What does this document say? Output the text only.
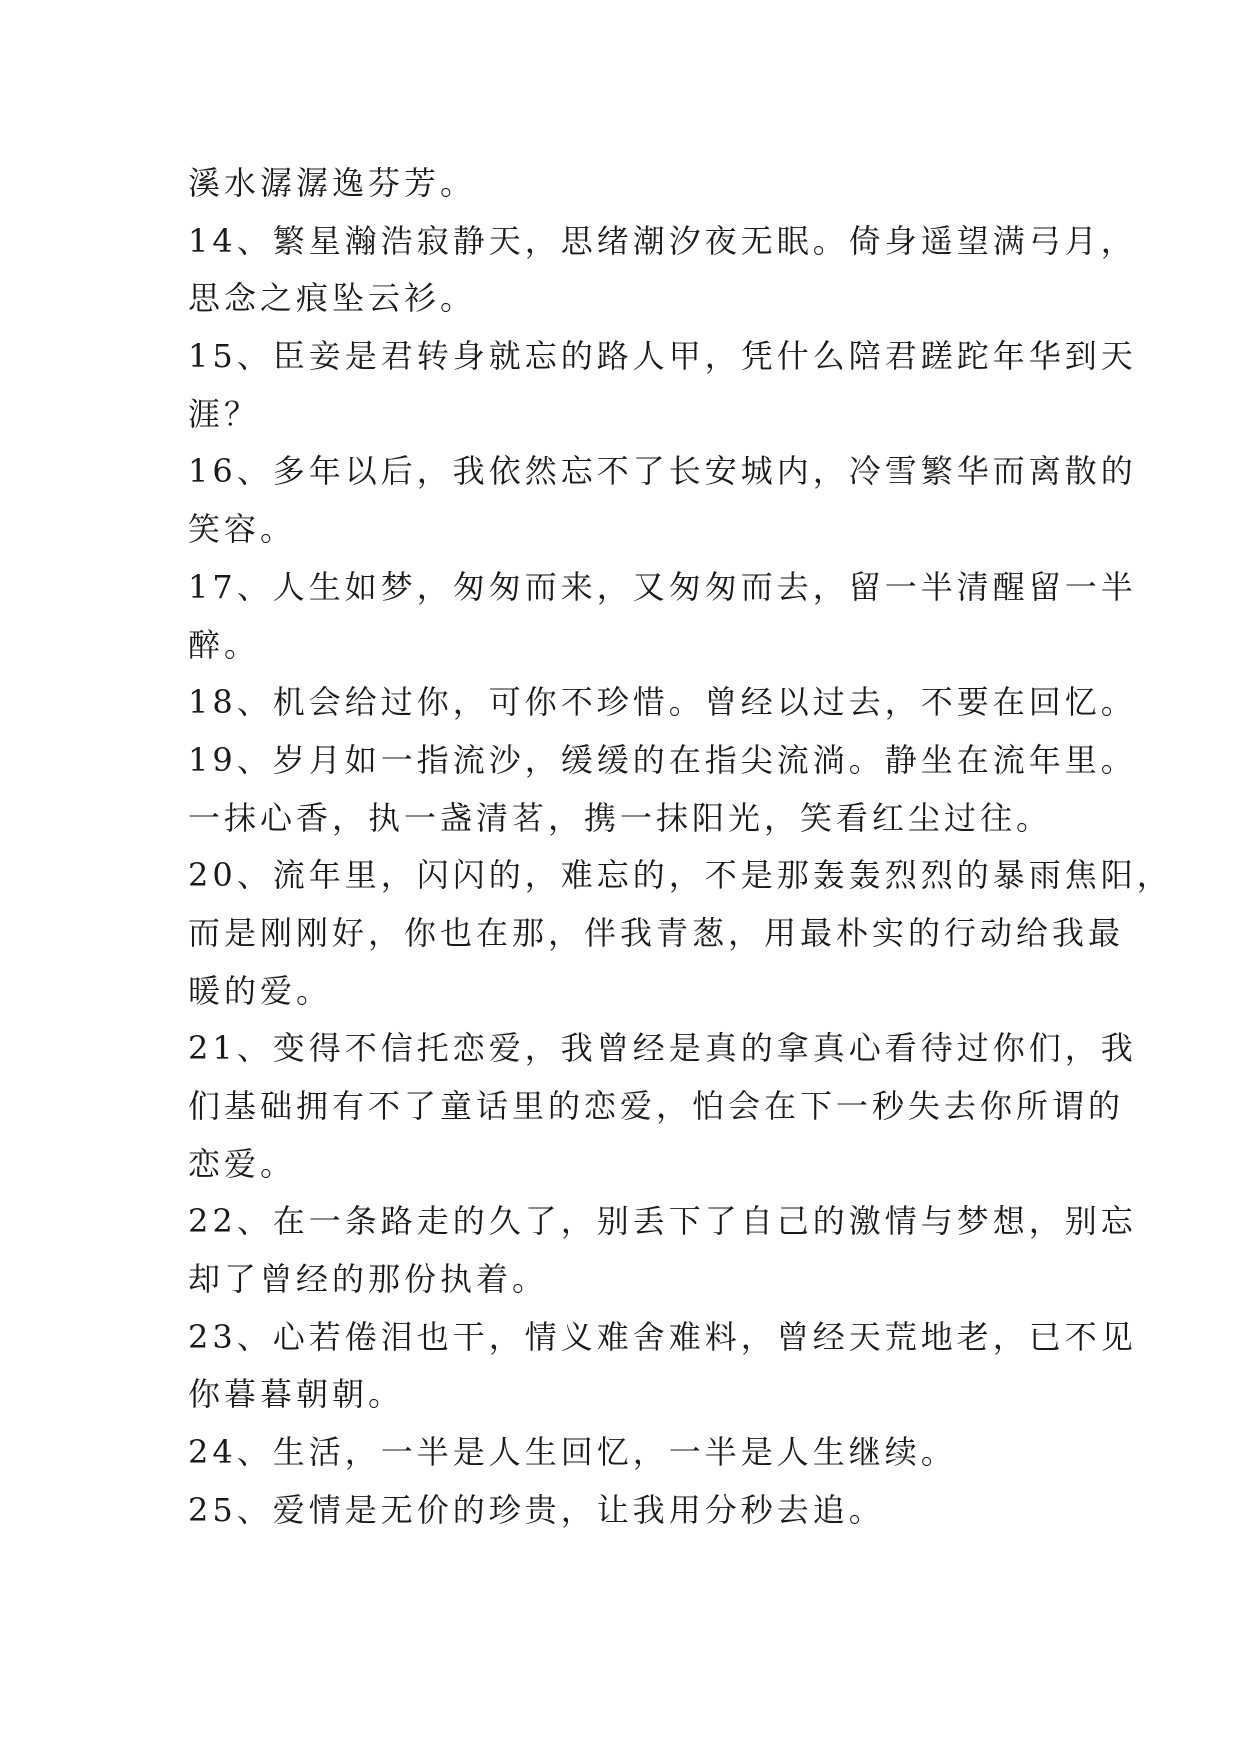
溪水潺潺逸芬芳。
14、繁星瀚浩寂静天，思绪潮汐夜无眠。倚身遥望满弓月，
思念之痕坠云衫。
15、臣妾是君转身就忘的路人甲，凭什么陪君蹉跎年华到天
涯？
16、多年以后，我依然忘不了长安城内，冷雪繁华而离散的
笑容。
17、人生如梦，匆匆而来，又匆匆而去，留一半清醒留一半
醉。
18、机会给过你，可你不珍惜。曾经以过去，不要在回忆。
19、岁月如一指流沙，缓缓的在指尖流淌。静坐在流年里。
一抹心香，执一盏清茗，携一抹阳光，笑看红尘过往。
20、流年里，闪闪的，难忘的，不是那轰轰烈烈的暴雨焦阳，
而是刚刚好，你也在那，伴我青葱，用最朴实的行动给我最
暖的爱。
21、变得不信托恋爱，我曾经是真的拿真心看待过你们，我
们基础拥有不了童话里的恋爱，怕会在下一秒失去你所谓的
恋爱。
22、在一条路走的久了，别丢下了自己的激情与梦想，别忘
却了曾经的那份执着。
23、心若倦泪也干，情义难舍难料，曾经天荒地老，已不见
你暮暮朝朝。
24、生活，一半是人生回忆，一半是人生继续。
25、爱情是无价的珍贵，让我用分秒去追。
